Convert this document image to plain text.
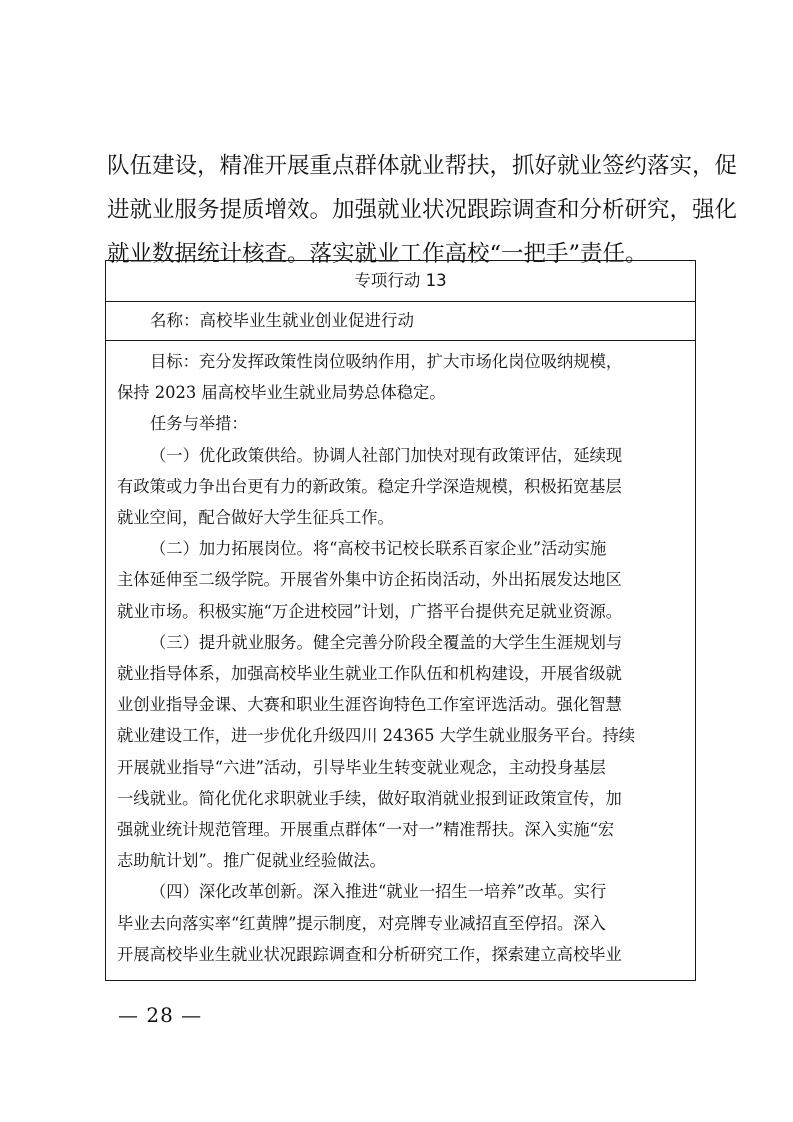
队伍建设，精准开展重点群体就业帮扶，抓好就业签约落实，促

进就业服务提质增效。加强就业状况跟踪调查和分析研究，强化

就业数据统计核查。落实就业工作高校“一把手”责任。

专项行动 13
名称：高校毕业生就业创业促进行动

目标：充分发挥政策性岗位吸纳作用，扩大市场化岗位吸纳规模，

保持 2023 届高校毕业生就业局势总体稳定。

任务与举措：

（一）优化政策供给。协调人社部门加快对现有政策评估，延续现

有政策或力争出台更有力的新政策。稳定升学深造规模，积极拓宽基层

就业空间，配合做好大学生征兵工作。

（二）加力拓展岗位。将“高校书记校长联系百家企业”活动实施

主体延伸至二级学院。开展省外集中访企拓岗活动，外出拓展发达地区

就业市场。积极实施“万企进校园”计划，广搭平台提供充足就业资源。

（三）提升就业服务。健全完善分阶段全覆盖的大学生生涯规划与

就业指导体系，加强高校毕业生就业工作队伍和机构建设，开展省级就

业创业指导金课、大赛和职业生涯咨询特色工作室评选活动。强化智慧

就业建设工作，进一步优化升级四川 24365 大学生就业服务平台。持续

开展就业指导“六进”活动，引导毕业生转变就业观念，主动投身基层

一线就业。简化优化求职就业手续，做好取消就业报到证政策宣传，加

强就业统计规范管理。开展重点群体“一对一”精准帮扶。深入实施“宏

志助航计划”。推广促就业经验做法。

（四）深化改革创新。深入推进“就业一招生一培养”改革。实行

毕业去向落实率“红黄牌”提示制度，对亮牌专业减招直至停招。深入

开展高校毕业生就业状况跟踪调查和分析研究工作，探索建立高校毕业

— 28 —
